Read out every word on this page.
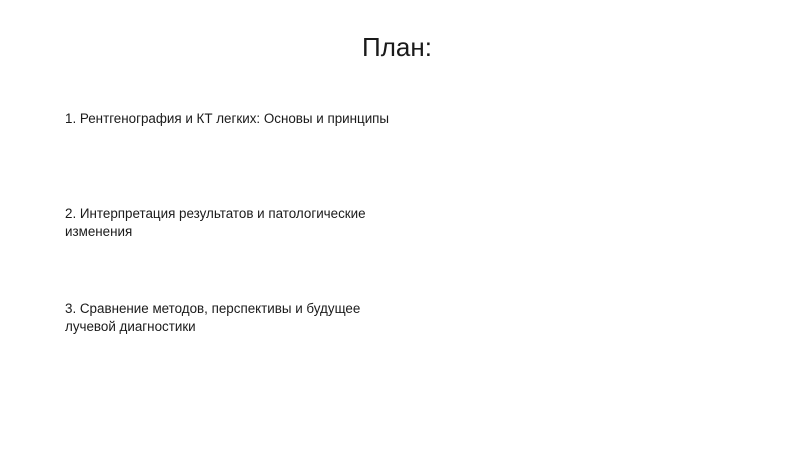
План:
1. Рентгенография и КТ легких: Основы и принципы
2. Интерпретация результатов и патологические изменения
3. Сравнение методов, перспективы и будущее лучевой диагностики
